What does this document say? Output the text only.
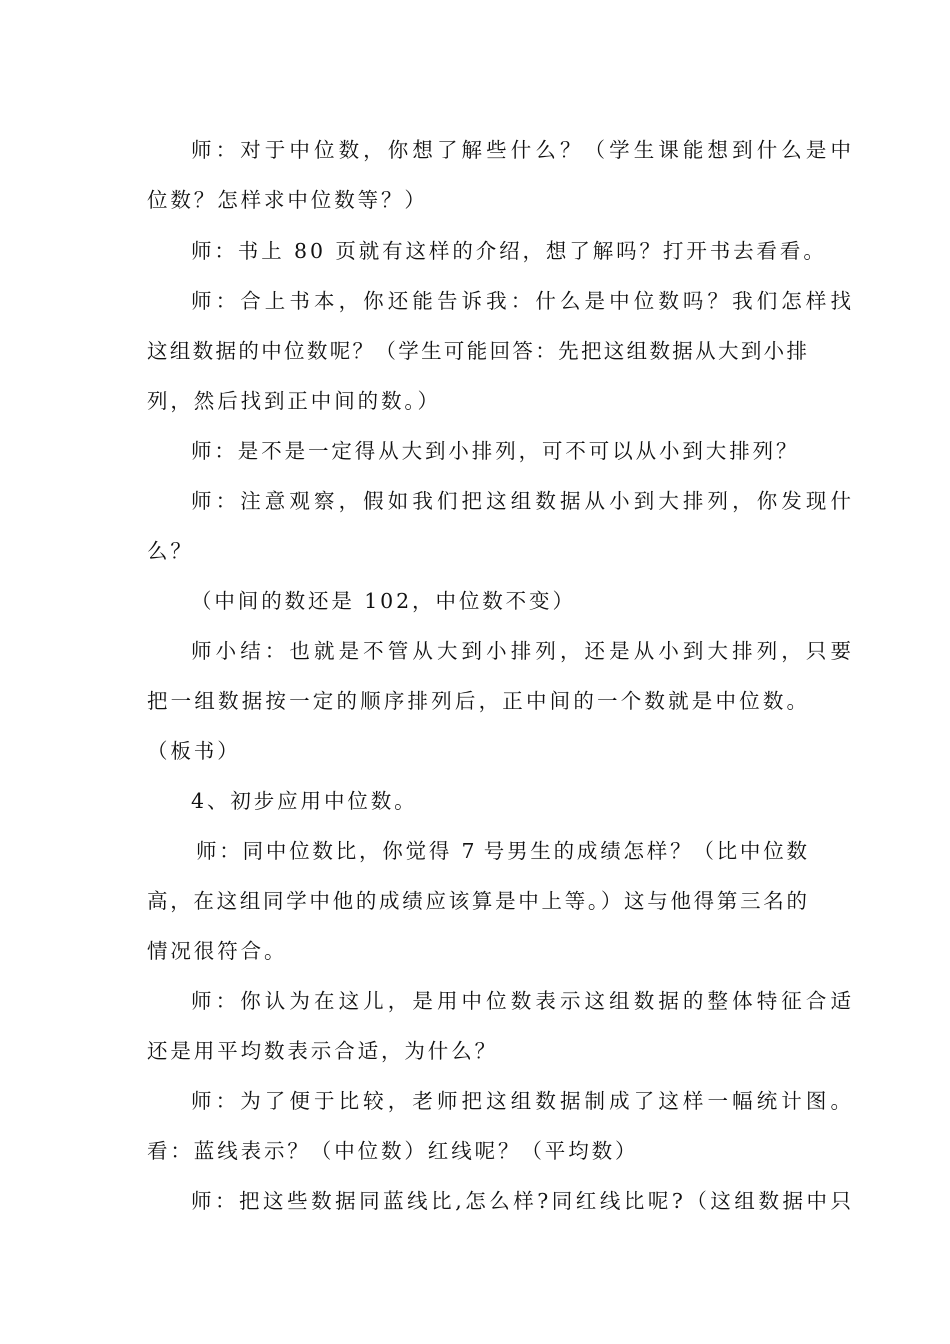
师：对于中位数，你想了解些什么？（学生课能想到什么是中
位数？怎样求中位数等？）
师：书上 80 页就有这样的介绍，想了解吗？打开书去看看。
师：合上书本，你还能告诉我：什么是中位数吗？我们怎样找
这组数据的中位数呢？（学生可能回答：先把这组数据从大到小排
列，然后找到正中间的数。）
师：是不是一定得从大到小排列，可不可以从小到大排列？
师：注意观察，假如我们把这组数据从小到大排列，你发现什
么？
（中间的数还是 102，中位数不变）
师小结：也就是不管从大到小排列，还是从小到大排列，只要
把一组数据按一定的顺序排列后，正中间的一个数就是中位数。
（板书）
4、初步应用中位数。
师：同中位数比，你觉得 7 号男生的成绩怎样？（比中位数
高，在这组同学中他的成绩应该算是中上等。）这与他得第三名的
情况很符合。
师：你认为在这儿，是用中位数表示这组数据的整体特征合适
还是用平均数表示合适，为什么？
师：为了便于比较，老师把这组数据制成了这样一幅统计图。
看：蓝线表示？（中位数）红线呢？（平均数）
师：把这些数据同蓝线比,怎么样?同红线比呢?（这组数据中只
